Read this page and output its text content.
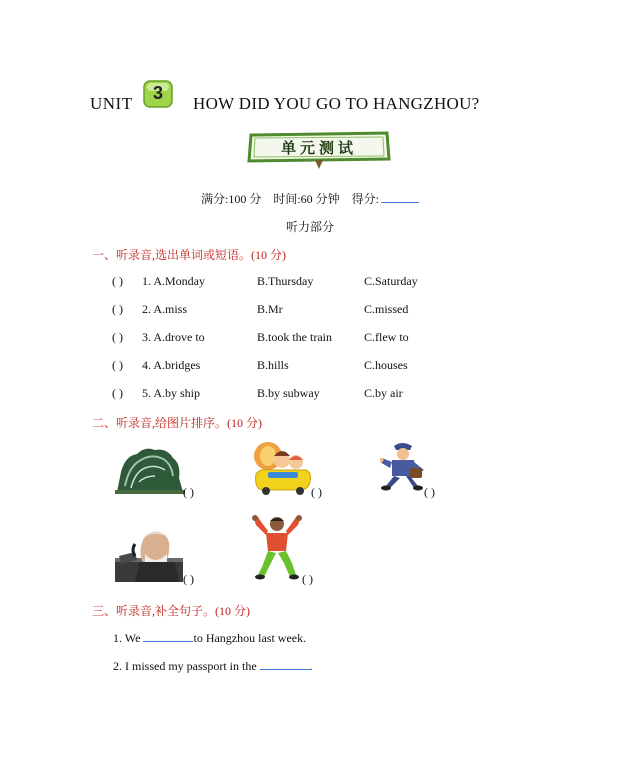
UNIT	HOW DID YOU GO TO HANGZHOU?
3
单元测试
满分:100 分 时间:60 分钟 得分:
听力部分
一、听录音,选出单词或短语。(10 分)
( ) 1. A.Monday	B.Thursday	C.Saturday
( ) 2. A.miss	B.Mr	C.missed
( ) 3. A.drove to	B.took the train	C.flew to
( ) 4. A.bridges	B.hills	C.houses
( ) 5. A.by ship	B.by subway	C.by air
二、听录音,给图片排序。(10 分)
( )	( )	( )
( )	( )
三、听录音,补全句子。(10 分)
1. We	to Hangzhou last week.
2. I missed my passport in the	.
